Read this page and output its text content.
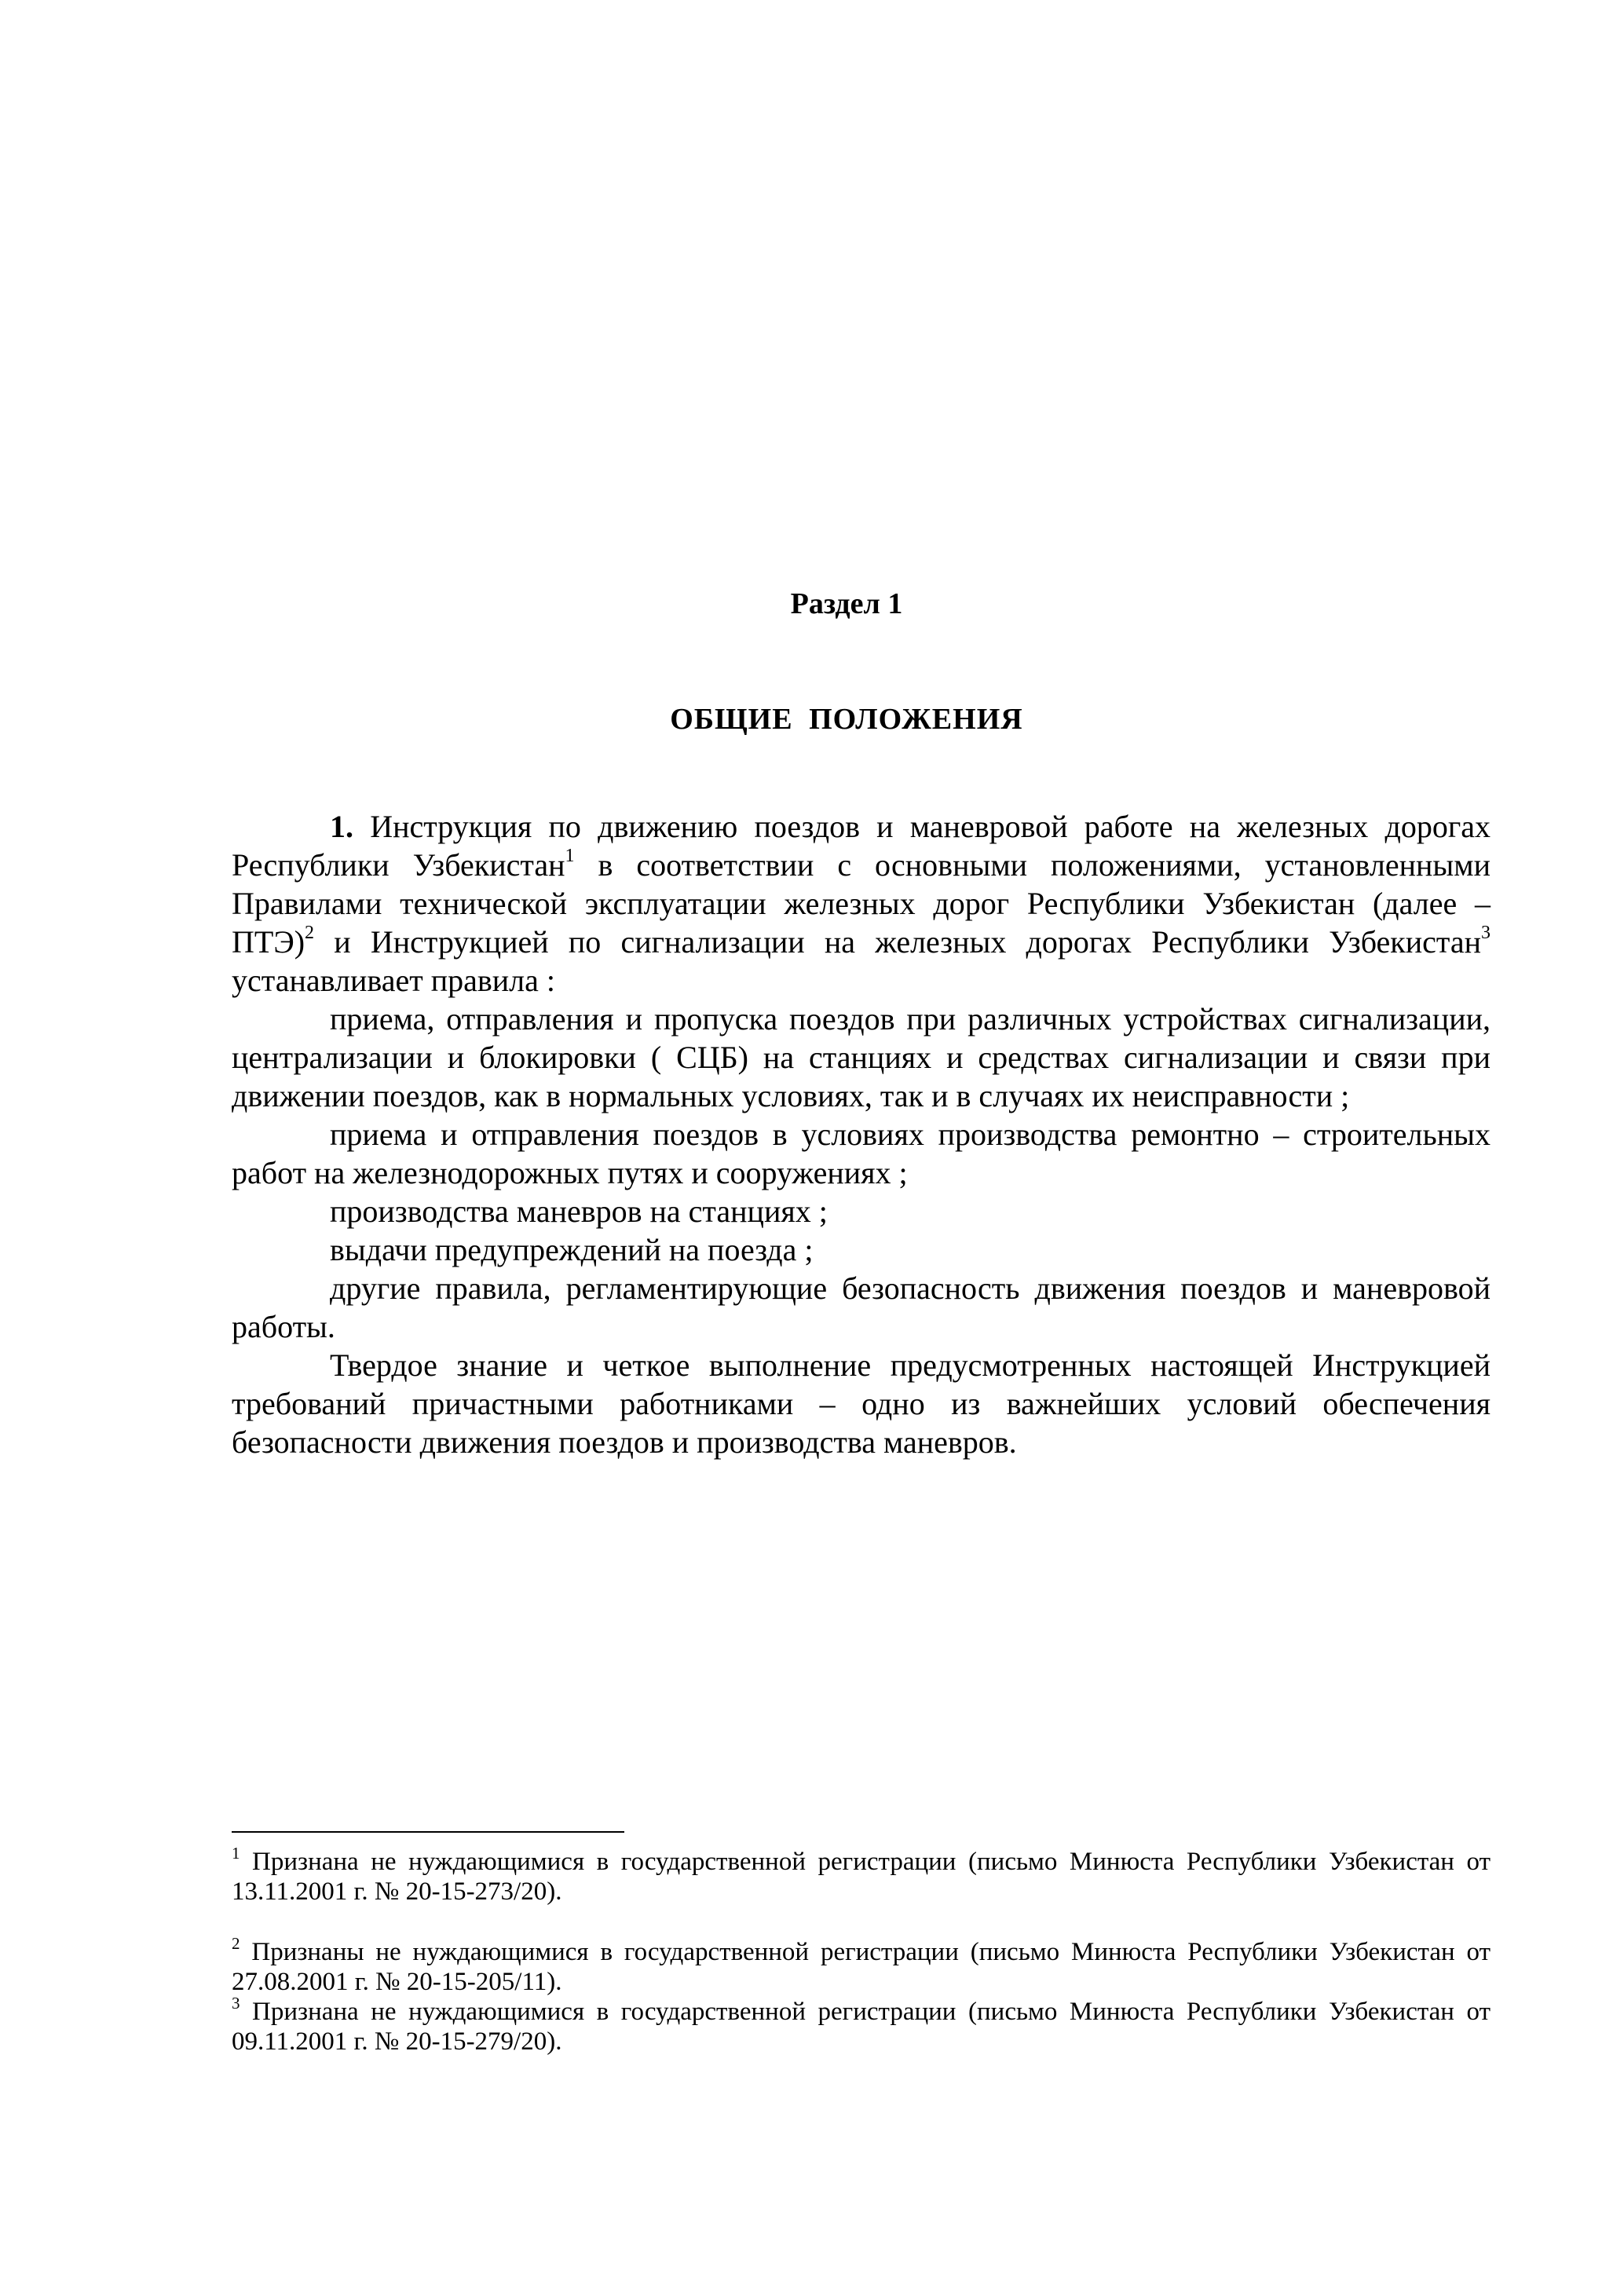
Раздел 1
ОБЩИЕ ПОЛОЖЕНИЯ

1. Инструкция по движению поездов и маневровой работе на железных дорогах Республики Узбекистан$^1$ в соответствии с основными положениями, установленными Правилами технической эксплуатации железных дорог Республики Узбекистан (далее – ПТЭ)$^2$ и Инструкцией по сигнализации на железных дорогах Республики Узбекистан$^3$ устанавливает правила :

приема, отправления и пропуска поездов при различных устройствах сигнализации, централизации и блокировки ( СЦБ) на станциях и средствах сигнализации и связи при движении поездов, как в нормальных условиях, так и в случаях их неисправности ;

приема и отправления поездов в условиях производства ремонтно – строительных работ на железнодорожных путях и сооружениях ;

производства маневров на станциях ;

выдачи предупреждений на поезда ;

другие правила, регламентирующие безопасность движения поездов и маневровой работы.

Твердое знание и четкое выполнение предусмотренных настоящей Инструкцией требований причастными работниками – одно из важнейших условий обеспечения безопасности движения поездов и производства маневров.

$^1$ Признана не нуждающимися в государственной регистрации (письмо Минюста Республики Узбекистан от 13.11.2001 г. № 20-15-273/20).

$^2$ Признаны не нуждающимися в государственной регистрации (письмо Минюста Республики Узбекистан от 27.08.2001 г. № 20-15-205/11).

$^3$ Признана не нуждающимися в государственной регистрации (письмо Минюста Республики Узбекистан от 09.11.2001 г. № 20-15-279/20).
